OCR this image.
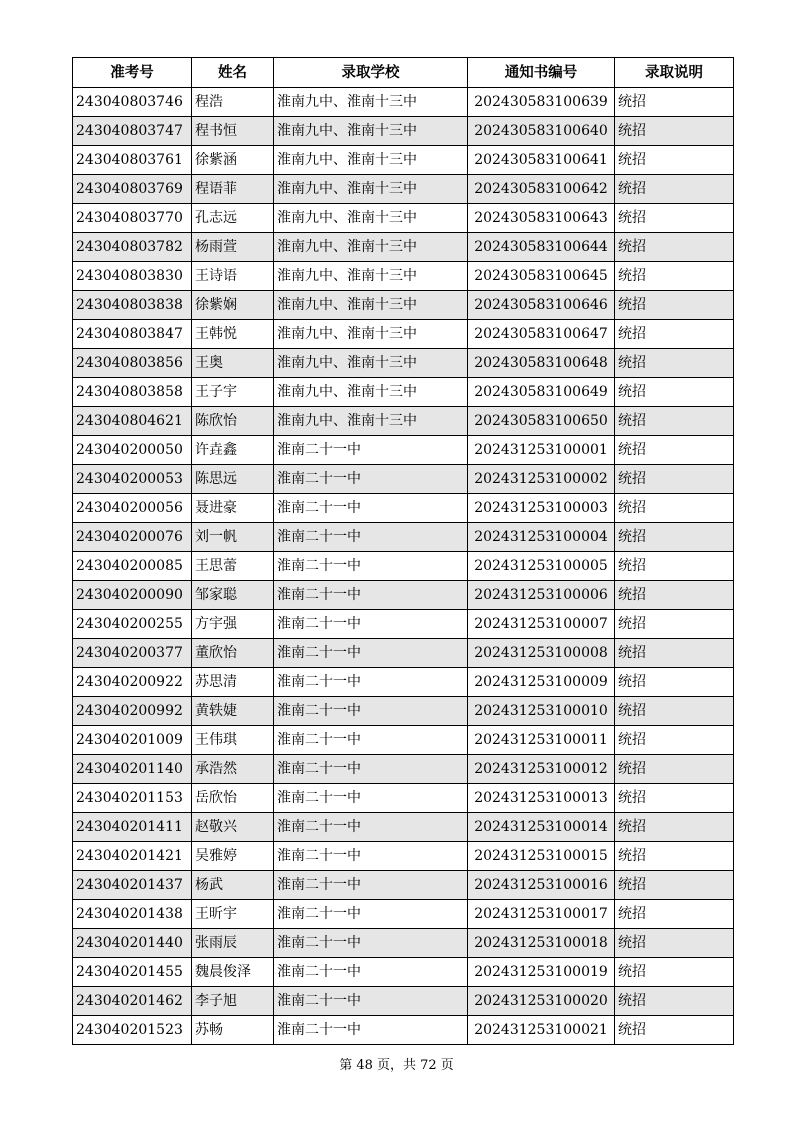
准考号	姓名	录取学校	通知书编号	录取说明
243040803746	程浩	淮南九中、淮南十三中	202430583100639	统招
243040803747	程书恒	淮南九中、淮南十三中	202430583100640	统招
243040803761	徐紫涵	淮南九中、淮南十三中	202430583100641	统招
243040803769	程语菲	淮南九中、淮南十三中	202430583100642	统招
243040803770	孔志远	淮南九中、淮南十三中	202430583100643	统招
243040803782	杨雨萱	淮南九中、淮南十三中	202430583100644	统招
243040803830	王诗语	淮南九中、淮南十三中	202430583100645	统招
243040803838	徐紫娴	淮南九中、淮南十三中	202430583100646	统招
243040803847	王韩悦	淮南九中、淮南十三中	202430583100647	统招
243040803856	王奥	淮南九中、淮南十三中	202430583100648	统招
243040803858	王子宇	淮南九中、淮南十三中	202430583100649	统招
243040804621	陈欣怡	淮南九中、淮南十三中	202430583100650	统招
243040200050	许垚鑫	淮南二十一中	202431253100001	统招
243040200053	陈思远	淮南二十一中	202431253100002	统招
243040200056	聂进豪	淮南二十一中	202431253100003	统招
243040200076	刘一帆	淮南二十一中	202431253100004	统招
243040200085	王思蕾	淮南二十一中	202431253100005	统招
243040200090	邹家聪	淮南二十一中	202431253100006	统招
243040200255	方宇强	淮南二十一中	202431253100007	统招
243040200377	董欣怡	淮南二十一中	202431253100008	统招
243040200922	苏思清	淮南二十一中	202431253100009	统招
243040200992	黄轶婕	淮南二十一中	202431253100010	统招
243040201009	王伟琪	淮南二十一中	202431253100011	统招
243040201140	承浩然	淮南二十一中	202431253100012	统招
243040201153	岳欣怡	淮南二十一中	202431253100013	统招
243040201411	赵敬兴	淮南二十一中	202431253100014	统招
243040201421	吴雅婷	淮南二十一中	202431253100015	统招
243040201437	杨武	淮南二十一中	202431253100016	统招
243040201438	王昕宇	淮南二十一中	202431253100017	统招
243040201440	张雨辰	淮南二十一中	202431253100018	统招
243040201455	魏晨俊泽	淮南二十一中	202431253100019	统招
243040201462	李子旭	淮南二十一中	202431253100020	统招
243040201523	苏畅	淮南二十一中	202431253100021	统招
第 48 页，共 72 页
